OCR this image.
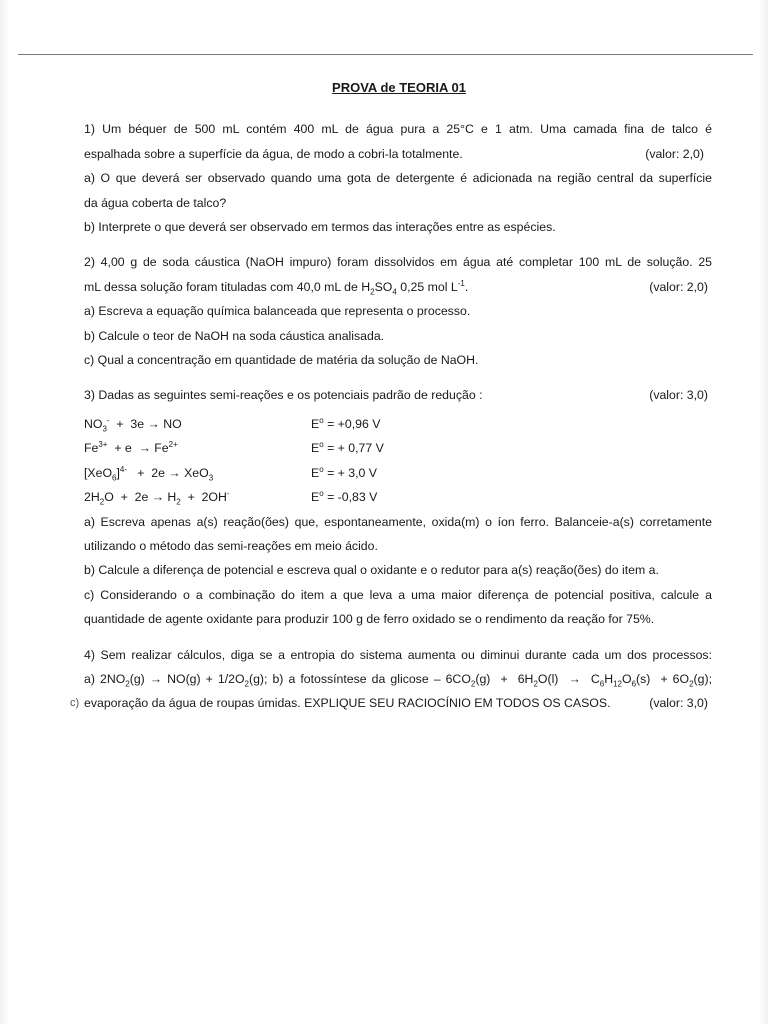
PROVA de TEORIA 01
1) Um béquer de 500 mL contém 400 mL de água pura a 25°C e 1 atm. Uma camada fina de talco é
espalhada sobre a superfície da água, de modo a cobri-la totalmente.	(valor: 2,0)
a) O que deverá ser observado quando uma gota de detergente é adicionada na região central da superfície
da água coberta de talco?
b) Interprete o que deverá ser observado em termos das interações entre as espécies.
2) 4,00 g de soda cáustica (NaOH impuro) foram dissolvidos em água até completar 100 mL de solução. 25
mL dessa solução foram tituladas com 40,0 mL de $H_2SO_4$ 0,25 mol $L^{-1}$.	(valor: 2,0)
a) Escreva a equação química balanceada que representa o processo.
b) Calcule o teor de NaOH na soda cáustica analisada.
c) Qual a concentração em quantidade de matéria da solução de NaOH.
3) Dadas as seguintes semi-reações e os potenciais padrão de redução :	(valor: 3,0)
$NO_3^- + 3e$ → NO	$E^o = +0,96$ V
$Fe^{3+} + e \to Fe^{2+}$	$E^o$ = + 0,77 V
$[XeO_6]^{4-} + 2e \to XeO_3$	$E^o$ = + 3,0 V
$2H_2O + 2e \to H_2 + 2OH^-$	$E^o = -0,83$ V
a) Escreva apenas a(s) reação(ões) que, espontaneamente, oxida(m) o íon ferro. Balanceie-a(s) corretamente
utilizando o método das semi-reações em meio ácido.
b) Calcule a diferença de potencial e escreva qual o oxidante e o redutor para a(s) reação(ões) do item a.
c) Considerando o a combinação do item a que leva a uma maior diferença de potencial positiva, calcule a
quantidade de agente oxidante para produzir 100 g de ferro oxidado se o rendimento da reação for 75%.
4) Sem realizar cálculos, diga se a entropia do sistema aumenta ou diminui durante cada um dos processos:
a) $2NO_2(g) \to NO(g) + 1/2O_2(g)$; b) a fotossíntese da $glicose - 6CO_2(g) + 6H_2O(l) \to C_6H_{12}O_6(s) + 6O_2(g)$;
c) evaporação da água de roupas úmidas. EXPLIQUE SEU RACIOCÍNIO EM TODOS OS CASOS.	(valor: 3,0)
